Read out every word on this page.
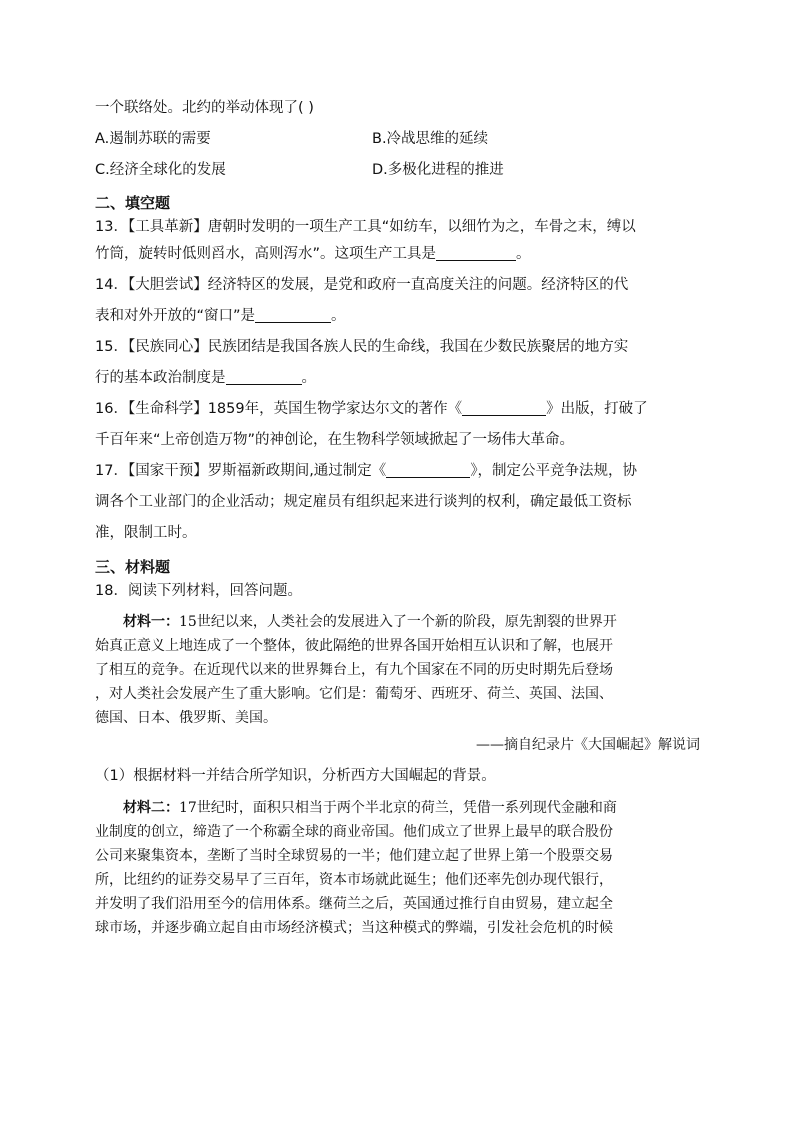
一个联络处。北约的举动体现了( )

A.遏制苏联的需要	B.冷战思维的延续
C.经济全球化的发展	D.多极化进程的推进
二、填空题

13．【工具革新】唐朝时发明的一项生产工具“如纺车，以细竹为之，车骨之末，缚以

竹筒，旋转时低则舀水，高则泻水”。这项生产工具是	。

14．【大胆尝试】经济特区的发展，是党和政府一直高度关注的问题。经济特区的代

表和对外开放的“窗口”是	。

15．【民族同心】民族团结是我国各族人民的生命线，我国在少数民族聚居的地方实

行的基本政治制度是	。

16．【生命科学】1859年，英国生物学家达尔文的著作《	》出版，打破了

千百年来“上帝创造万物”的神创论，在生物科学领域掀起了一场伟大革命。

17．【国家干预】罗斯福新政期间,通过制定《	》，制定公平竞争法规，协

调各个工业部门的企业活动；规定雇员有组织起来进行谈判的权利，确定最低工资标

准，限制工时。

三、材料题

18．阅读下列材料，回答问题。

材料一：15世纪以来，人类社会的发展进入了一个新的阶段，原先割裂的世界开

始真正意义上地连成了一个整体，彼此隔绝的世界各国开始相互认识和了解，也展开

了相互的竞争。在近现代以来的世界舞台上，有九个国家在不同的历史时期先后登场

，对人类社会发展产生了重大影响。它们是：葡萄牙、西班牙、荷兰、英国、法国、

德国、日本、俄罗斯、美国。

——摘自纪录片《大国崛起》解说词

（1）根据材料一并结合所学知识，分析西方大国崛起的背景。

材料二：17世纪时，面积只相当于两个半北京的荷兰，凭借一系列现代金融和商

业制度的创立，缔造了一个称霸全球的商业帝国。他们成立了世界上最早的联合股份

公司来聚集资本，垄断了当时全球贸易的一半；他们建立起了世界上第一个股票交易

所，比纽约的证券交易早了三百年，资本市场就此诞生；他们还率先创办现代银行，

并发明了我们沿用至今的信用体系。继荷兰之后，英国通过推行自由贸易，建立起全

球市场，并逐步确立起自由市场经济模式；当这种模式的弊端，引发社会危机的时候
